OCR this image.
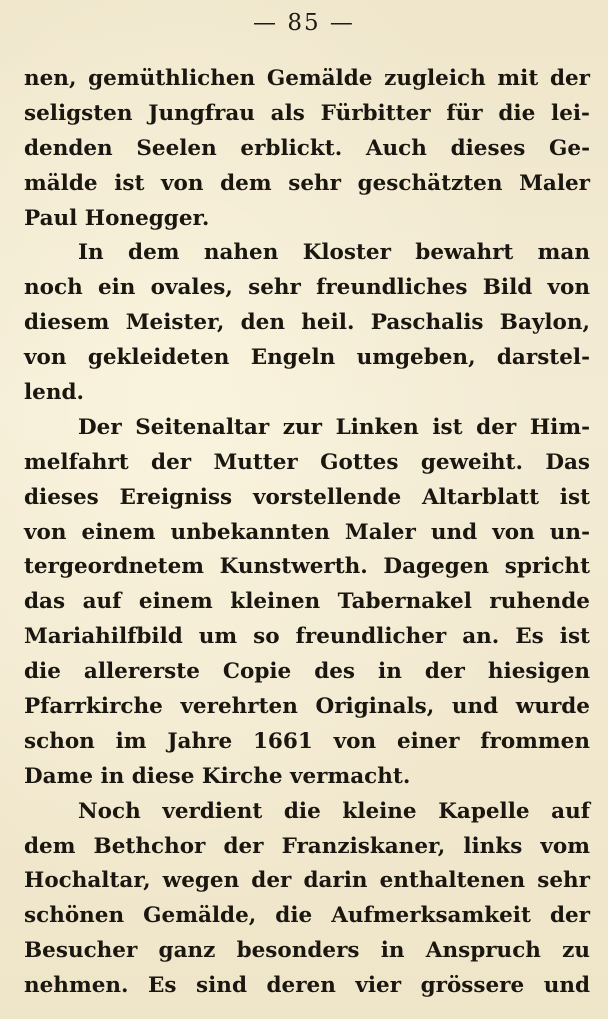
— 85 —
nen, gemüthlichen Gemälde zugleich mit der
seligsten Jungfrau als Fürbitter für die lei-
denden Seelen erblickt. Auch dieses Ge-
mälde ist von dem sehr geschätzten Maler
Paul Honegger.
In dem nahen Kloster bewahrt man
noch ein ovales, sehr freundliches Bild von
diesem Meister, den heil. Paschalis Baylon,
von gekleideten Engeln umgeben, darstel-
lend.
Der Seitenaltar zur Linken ist der Him-
melfahrt der Mutter Gottes geweiht. Das
dieses Ereigniss vorstellende Altarblatt ist
von einem unbekannten Maler und von un-
tergeordnetem Kunstwerth. Dagegen spricht
das auf einem kleinen Tabernakel ruhende
Mariahilfbild um so freundlicher an. Es ist
die allererste Copie des in der hiesigen
Pfarrkirche verehrten Originals, und wurde
schon im Jahre 1661 von einer frommen
Dame in diese Kirche vermacht.
Noch verdient die kleine Kapelle auf
dem Bethchor der Franziskaner, links vom
Hochaltar, wegen der darin enthaltenen sehr
schönen Gemälde, die Aufmerksamkeit der
Besucher ganz besonders in Anspruch zu
nehmen. Es sind deren vier grössere und
